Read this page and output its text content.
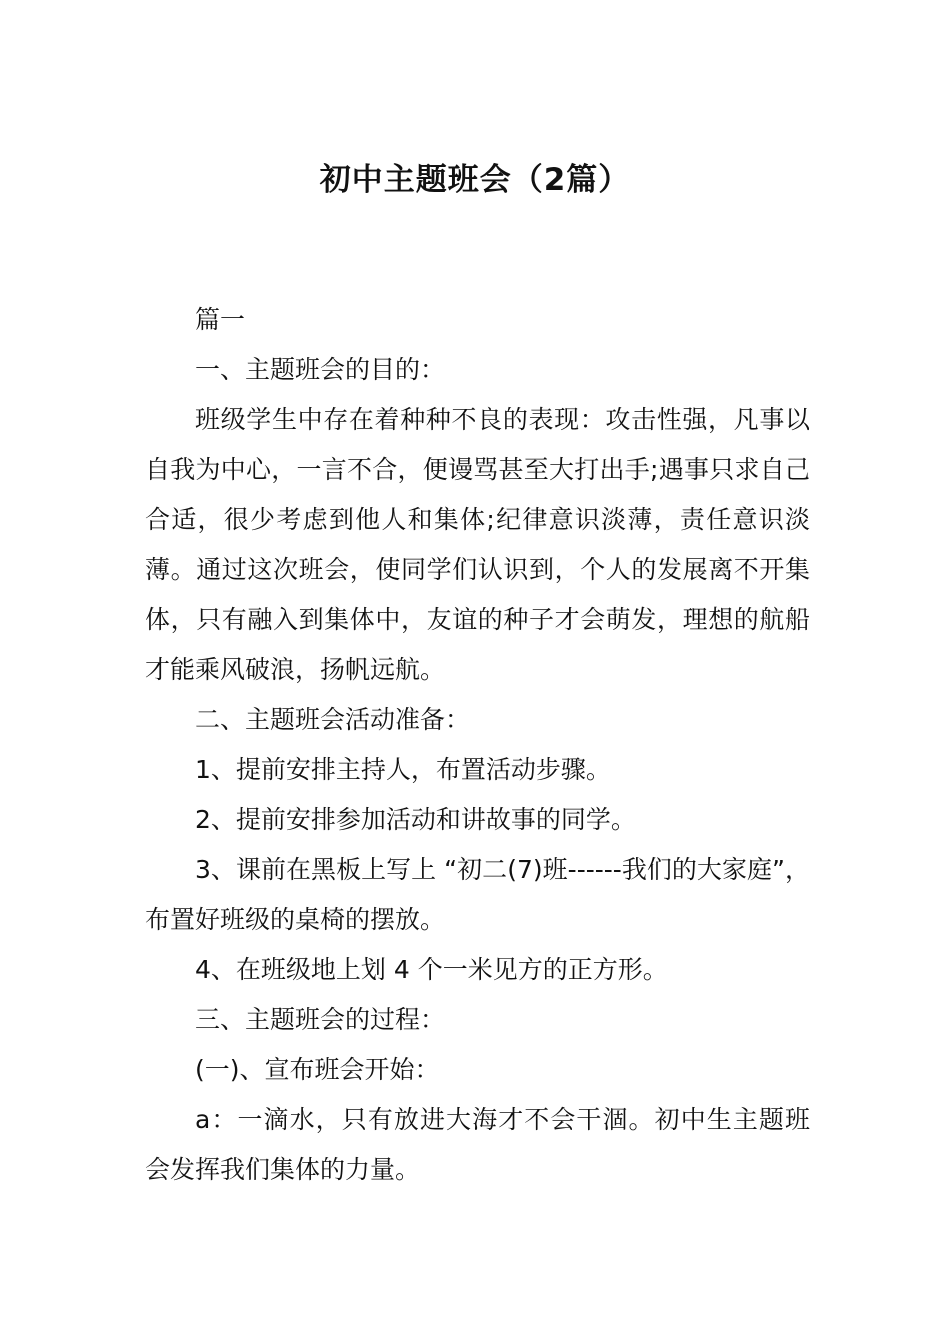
初中主题班会（2篇）

篇一

一、主题班会的目的：

班级学生中存在着种种不良的表现：攻击性强，凡事以自我为中心，一言不合，便谩骂甚至大打出手;遇事只求自己合适，很少考虑到他人和集体;纪律意识淡薄，责任意识淡薄。通过这次班会，使同学们认识到，个人的发展离不开集体，只有融入到集体中，友谊的种子才会萌发，理想的航船才能乘风破浪，扬帆远航。

二、主题班会活动准备：

1、提前安排主持人，布置活动步骤。

2、提前安排参加活动和讲故事的同学。

3、课前在黑板上写上 “初二(7)班------我们的大家庭”，布置好班级的桌椅的摆放。

4、在班级地上划 4 个一米见方的正方形。

三、主题班会的过程：

(一)、宣布班会开始：

a：一滴水，只有放进大海才不会干涸。初中生主题班会发挥我们集体的力量。
